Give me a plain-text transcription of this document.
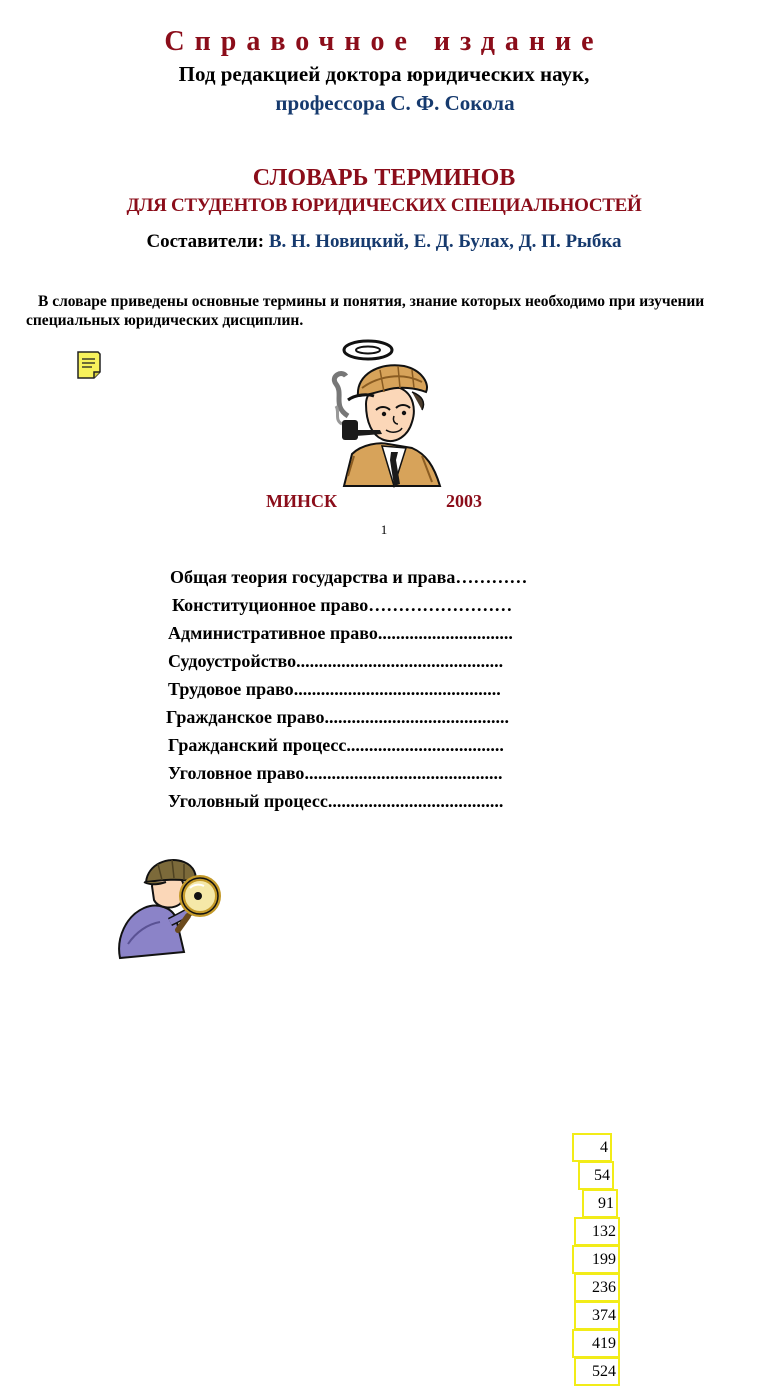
Справочное издание
Под редакцией доктора юридических наук,
профессора С. Ф. Сокола
СЛОВАРЬ ТЕРМИНОВ
ДЛЯ СТУДЕНТОВ ЮРИДИЧЕСКИХ СПЕЦИАЛЬНОСТЕЙ
Составители: В. Н. Новицкий, Е. Д. Булах, Д. П. Рыбка
В словаре приведены основные термины и понятия, знание которых необходимо при изучении специальных юридических дисциплин.
МИНСК	2003
1
Общая теория государства и права…………
4
Конституционное право……………………
54
Административное право..............................
91
Судоустройство..............................................
132
Трудовое право..............................................
199
Гражданское право.........................................
236
Гражданский процесс...................................
374
Уголовное право............................................
419
Уголовный процесс.......................................
524
